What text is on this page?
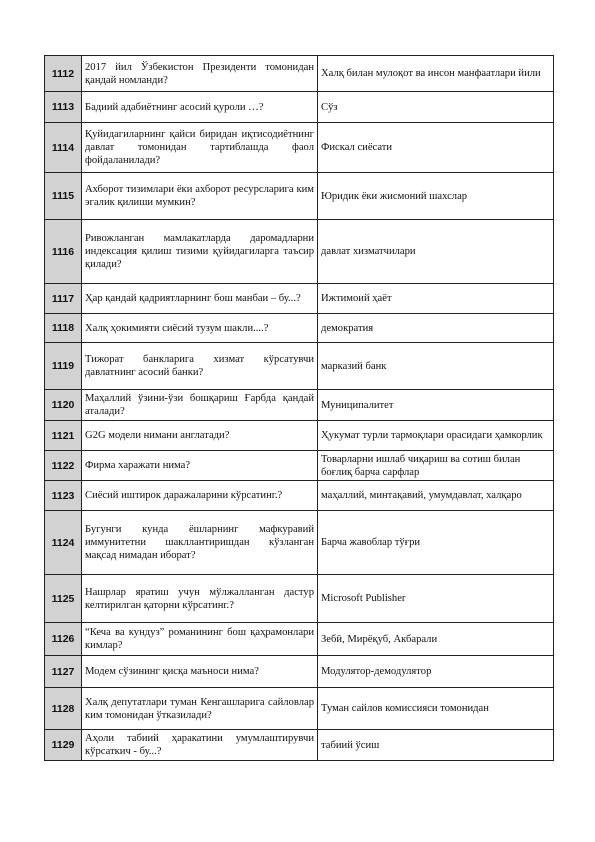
1112	2017 йил Ўзбекистон Президенти томонидан қандай номланди?	Халқ билан мулоқот ва инсон манфаатлари йили
1113	Бадиий адабиётнинг асосий қуроли …?	Сўз
1114	Қуйидагиларнинг қайси биридан иқтисодиётнинг давлат томонидан тартиблашда фаол фойдаланилади?	Фискал сиёсати
1115	Ахборот тизимлари ёки ахборот ресурсларига ким эгалик қилиши мумкин?	Юридик ёки жисмоний шахслар
1116	Ривожланган мамлакатларда даромадларни индексация қилиш тизими қуйидагиларга таъсир қилади?	давлат хизматчилари
1117	Ҳар қандай қадриятларнинг бош манбаи – бу...?	Ижтимоий ҳаёт
1118	Халқ ҳокимияти сиёсий тузум шакли....?	демократия
1119	Тижорат банкларига хизмат кўрсатувчи давлатнинг асосий банки?	марказий банк
1120	Маҳаллий ўзини-ўзи бошқариш Ғарбда қандай аталади?	Муниципалитет
1121	G2G модели нимани англатади?	Ҳукумат турли тармоқлари орасидаги ҳамкорлик
1122	Фирма харажати нима?	Товарларни ишлаб чиқариш ва сотиш билан боғлиқ барча сарфлар
1123	Сиёсий иштирок даражаларини кўрсатинг.?	маҳаллий, минтақавий, умумдавлат, халқаро
1124	Бугунги кунда ёшларнинг мафкуравий иммунитетни шакллантиришдан кўзланган мақсад нимадан иборат?	Барча жавоблар тўғри
1125	Нашрлар яратиш учун мўлжалланган дастур келтирилган қаторни кўрсатинг.?	Microsoft Publisher
1126	“Кеча ва кундуз” романининг бош қаҳрамонлари кимлар?	Зебӣ, Мирёқуб, Акбарали
1127	Модем сўзининг қисқа маъноси нима?	Модулятор-демодулятор
1128	Халқ депутатлари туман Кенгашларига сайловлар ким томонидан ўтказилади?	Туман сайлов комиссияси томонидан
1129	Аҳоли табиий ҳаракатини умумлаштирувчи кўрсаткич - бу...?	табиий ўсиш
